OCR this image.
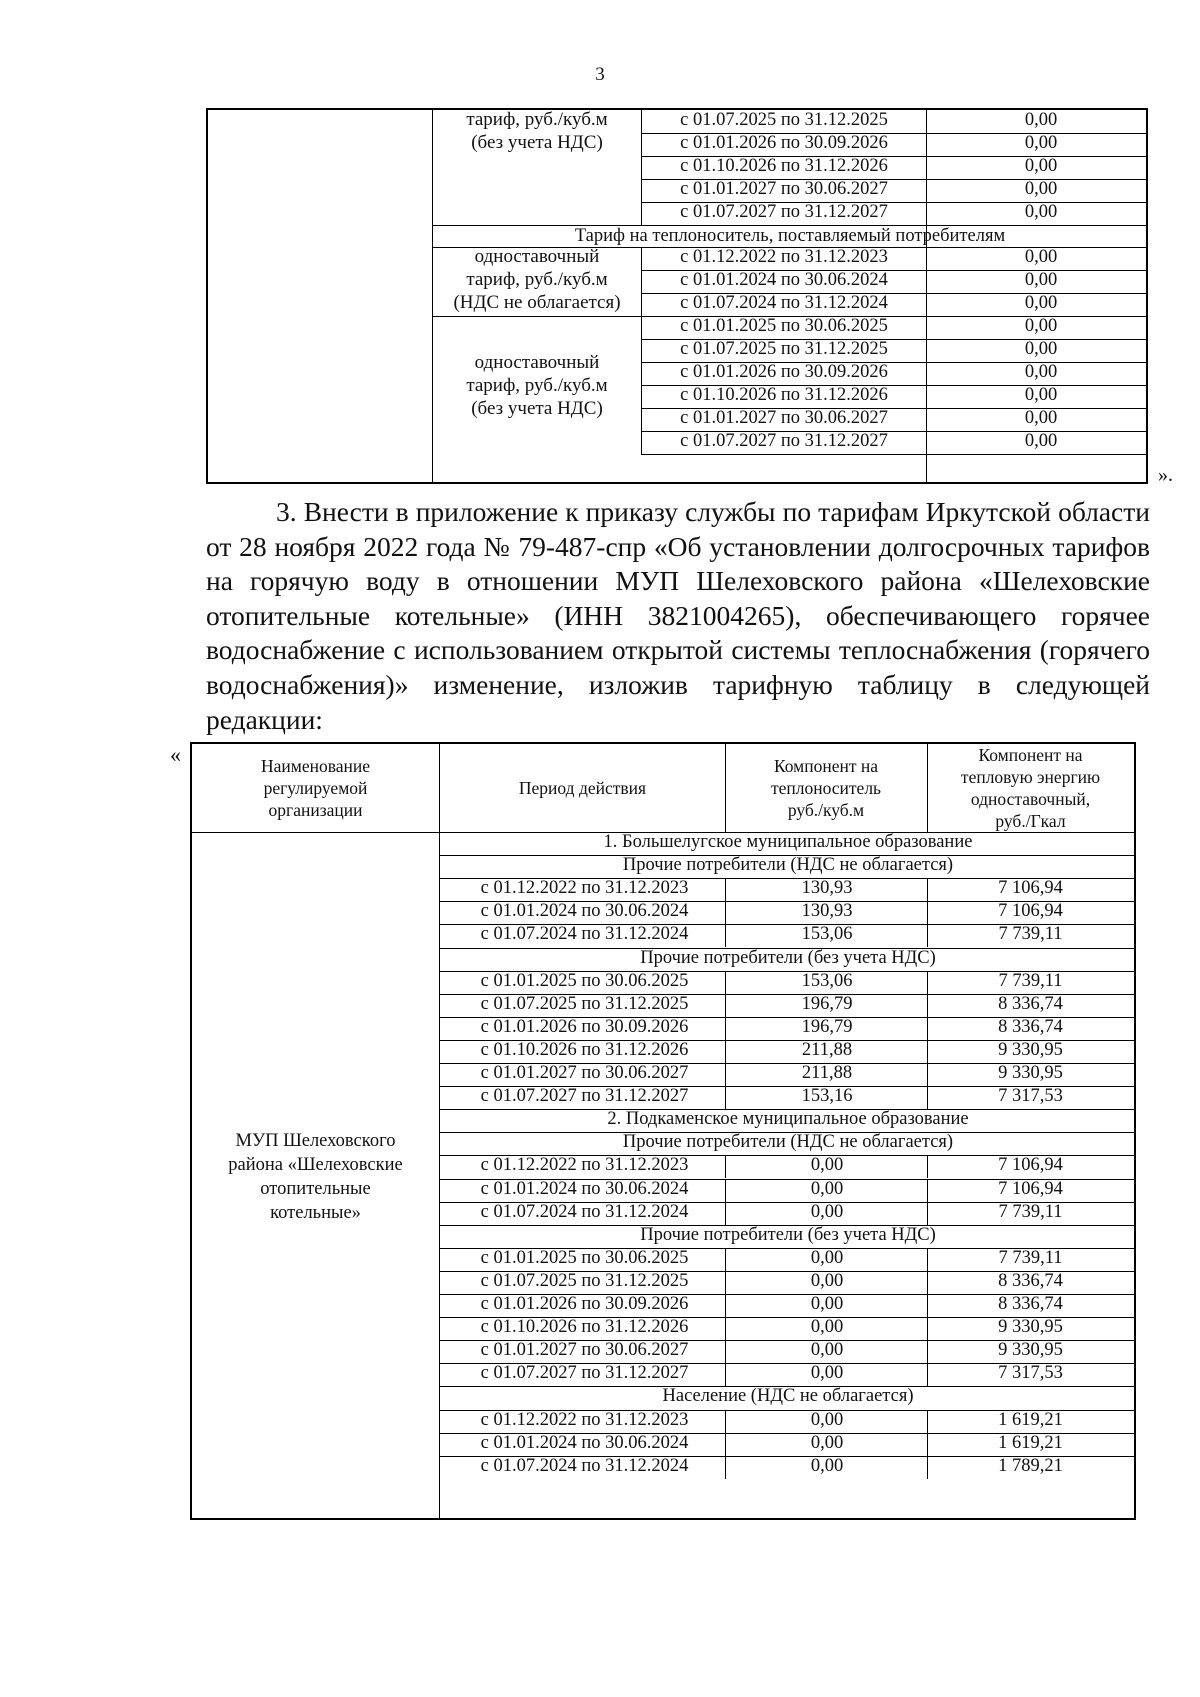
3
с 01.07.2025 по 31.12.2025	0,00
с 01.01.2026 по 30.09.2026	0,00
с 01.10.2026 по 31.12.2026	0,00
с 01.01.2027 по 30.06.2027	0,00
с 01.07.2027 по 31.12.2027	0,00
тариф, руб./куб.м
(без учета НДС)
Тариф на теплоноситель, поставляемый потребителям
с 01.12.2022 по 31.12.2023	0,00
с 01.01.2024 по 30.06.2024	0,00
с 01.07.2024 по 31.12.2024	0,00
одноставочный
тариф, руб./куб.м
(НДС не облагается)
с 01.01.2025 по 30.06.2025	0,00
с 01.07.2025 по 31.12.2025	0,00
с 01.01.2026 по 30.09.2026	0,00
с 01.10.2026 по 31.12.2026	0,00
с 01.01.2027 по 30.06.2027	0,00
с 01.07.2027 по 31.12.2027	0,00
одноставочный
тариф, руб./куб.м
(без учета НДС)
».

3. Внести в приложение к приказу службы по тарифам Иркутской области от 28 ноября 2022 года № 79-487-спр «Об установлении долгосрочных тарифов на горячую воду в отношении МУП Шелеховского района «Шелеховские отопительные котельные» (ИНН 3821004265), обеспечивающего горячее водоснабжение с использованием открытой системы теплоснабжения (горячего водоснабжения)» изменение, изложив тарифную таблицу в следующей редакции:

«	Наименование
регулируемой
организации
Период действия
Компонент на
теплоноситель
руб./куб.м
Компонент на
тепловую энергию
одноставочный,
руб./Гкал
МУП Шелеховского
района «Шелеховские
отопительные
котельные»
1. Большелугское муниципальное образование
Прочие потребители (НДС не облагается)
с 01.12.2022 по 31.12.2023	130,93	7 106,94
с 01.01.2024 по 30.06.2024	130,93	7 106,94
с 01.07.2024 по 31.12.2024	153,06	7 739,11
Прочие потребители (без учета НДС)
с 01.01.2025 по 30.06.2025	153,06	7 739,11
с 01.07.2025 по 31.12.2025	196,79	8 336,74
с 01.01.2026 по 30.09.2026	196,79	8 336,74
с 01.10.2026 по 31.12.2026	211,88	9 330,95
с 01.01.2027 по 30.06.2027	211,88	9 330,95
с 01.07.2027 по 31.12.2027	153,16	7 317,53
2. Подкаменское муниципальное образование
Прочие потребители (НДС не облагается)
с 01.12.2022 по 31.12.2023	0,00	7 106,94
с 01.01.2024 по 30.06.2024	0,00	7 106,94
с 01.07.2024 по 31.12.2024	0,00	7 739,11
Прочие потребители (без учета НДС)
с 01.01.2025 по 30.06.2025	0,00	7 739,11
с 01.07.2025 по 31.12.2025	0,00	8 336,74
с 01.01.2026 по 30.09.2026	0,00	8 336,74
с 01.10.2026 по 31.12.2026	0,00	9 330,95
с 01.01.2027 по 30.06.2027	0,00	9 330,95
с 01.07.2027 по 31.12.2027	0,00	7 317,53
Население (НДС не облагается)
с 01.12.2022 по 31.12.2023	0,00	1 619,21
с 01.01.2024 по 30.06.2024	0,00	1 619,21
с 01.07.2024 по 31.12.2024	0,00	1 789,21
